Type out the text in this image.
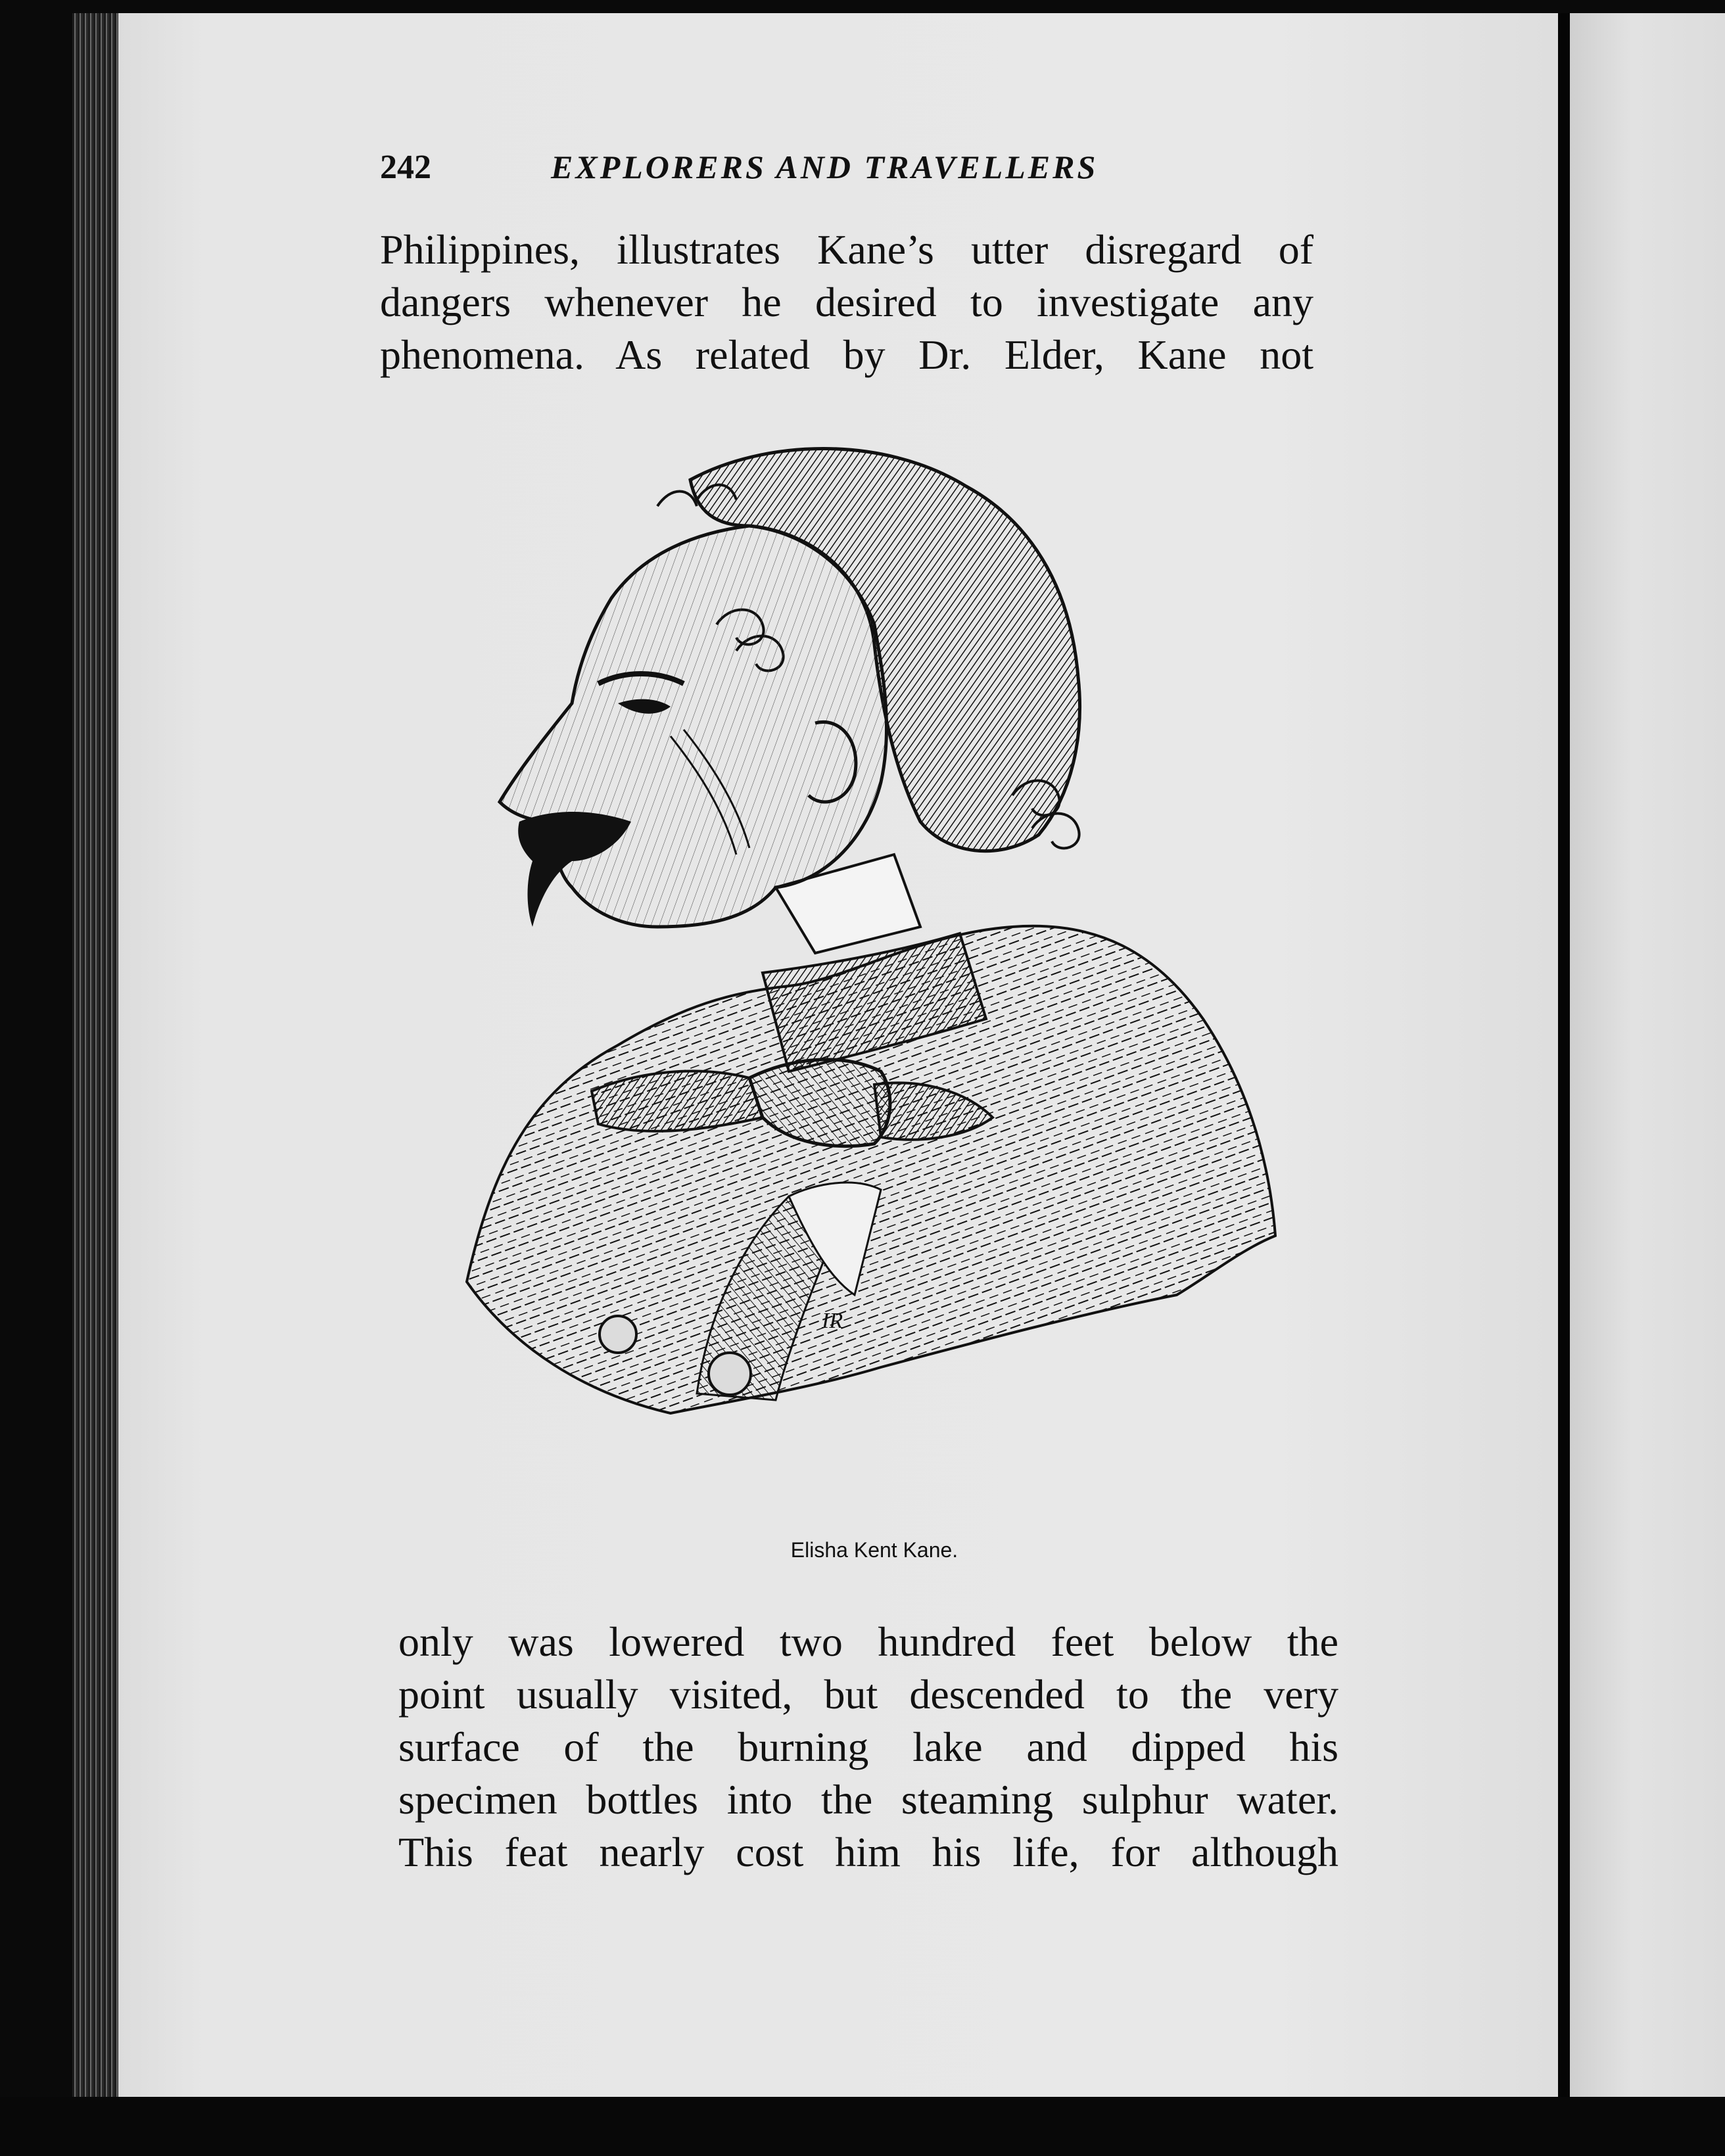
242	EXPLORERS AND TRAVELLERS
Philippines, illustrates Kane’s utter disregard of
dangers whenever he desired to investigate any
phenomena. As related by Dr. Elder, Kane not
IR
Elisha Kent Kane.
only was lowered two hundred feet below the
point usually visited, but descended to the very
surface of the burning lake and dipped his
specimen bottles into the steaming sulphur water.
This feat nearly cost him his life, for although
